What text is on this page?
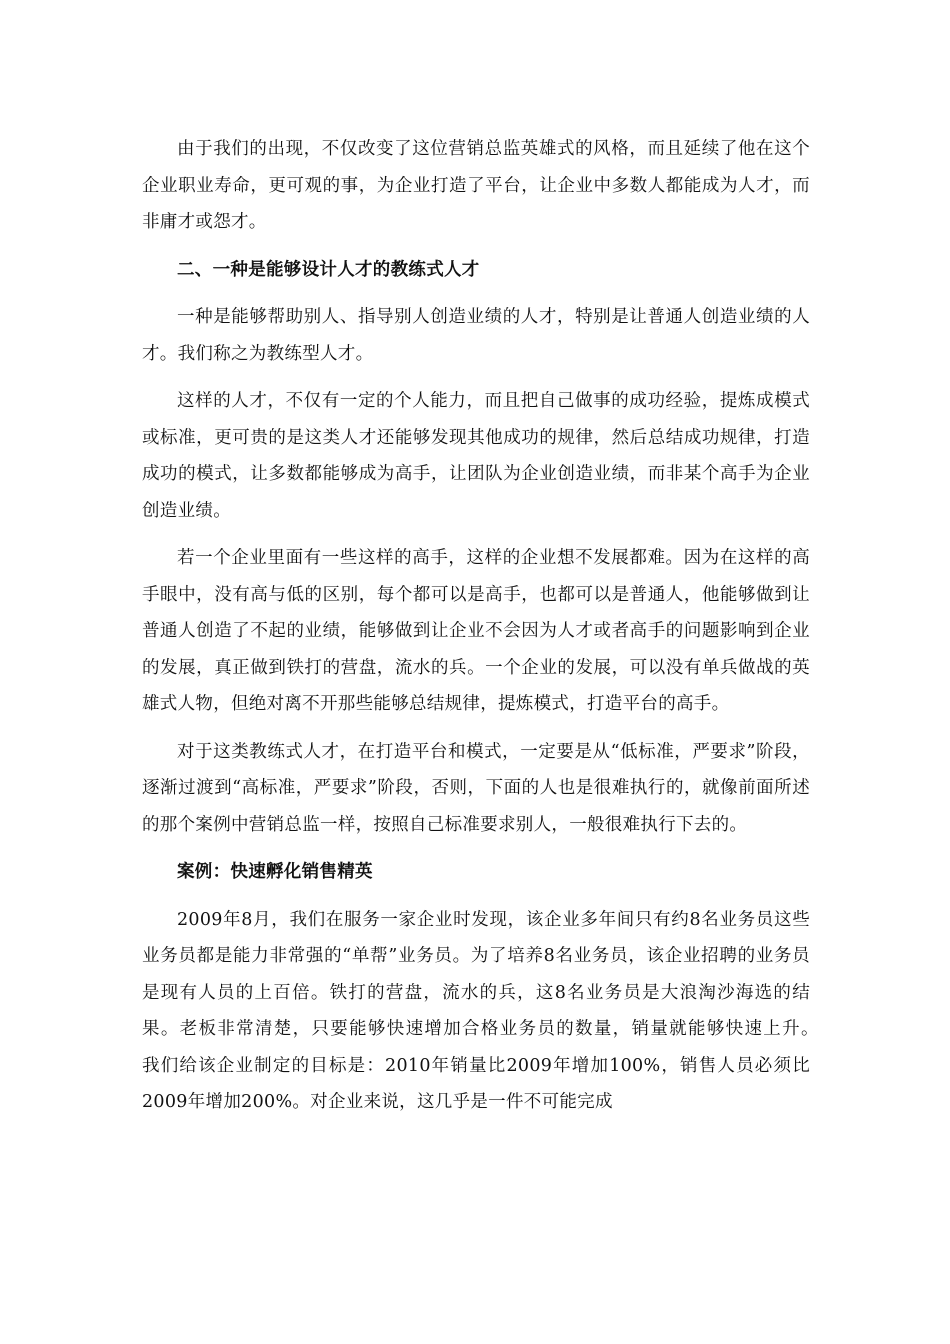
由于我们的出现，不仅改变了这位营销总监英雄式的风格，而且延续了他在这个企业职业寿命，更可观的事，为企业打造了平台，让企业中多数人都能成为人才，而非庸才或怨才。

二、一种是能够设计人才的教练式人才

一种是能够帮助别人、指导别人创造业绩的人才，特别是让普通人创造业绩的人才。我们称之为教练型人才。

这样的人才，不仅有一定的个人能力，而且把自己做事的成功经验，提炼成模式或标准，更可贵的是这类人才还能够发现其他成功的规律，然后总结成功规律，打造成功的模式，让多数都能够成为高手，让团队为企业创造业绩，而非某个高手为企业创造业绩。

若一个企业里面有一些这样的高手，这样的企业想不发展都难。因为在这样的高手眼中，没有高与低的区别，每个都可以是高手，也都可以是普通人，他能够做到让普通人创造了不起的业绩，能够做到让企业不会因为人才或者高手的问题影响到企业的发展，真正做到铁打的营盘，流水的兵。一个企业的发展，可以没有单兵做战的英雄式人物，但绝对离不开那些能够总结规律，提炼模式，打造平台的高手。

对于这类教练式人才，在打造平台和模式，一定要是从“低标准，严要求”阶段，逐渐过渡到“高标准，严要求”阶段，否则，下面的人也是很难执行的，就像前面所述的那个案例中营销总监一样，按照自己标准要求别人，一般很难执行下去的。

案例：快速孵化销售精英

2009年8月，我们在服务一家企业时发现，该企业多年间只有约8名业务员这些业务员都是能力非常强的“单帮”业务员。为了培养8名业务员，该企业招聘的业务员是现有人员的上百倍。铁打的营盘，流水的兵，这8名业务员是大浪淘沙海选的结果。老板非常清楚，只要能够快速增加合格业务员的数量，销量就能够快速上升。　　我们给该企业制定的目标是：2010年销量比2009年增加100%，销售人员必须比2009年增加200%。对企业来说，这几乎是一件不可能完成
